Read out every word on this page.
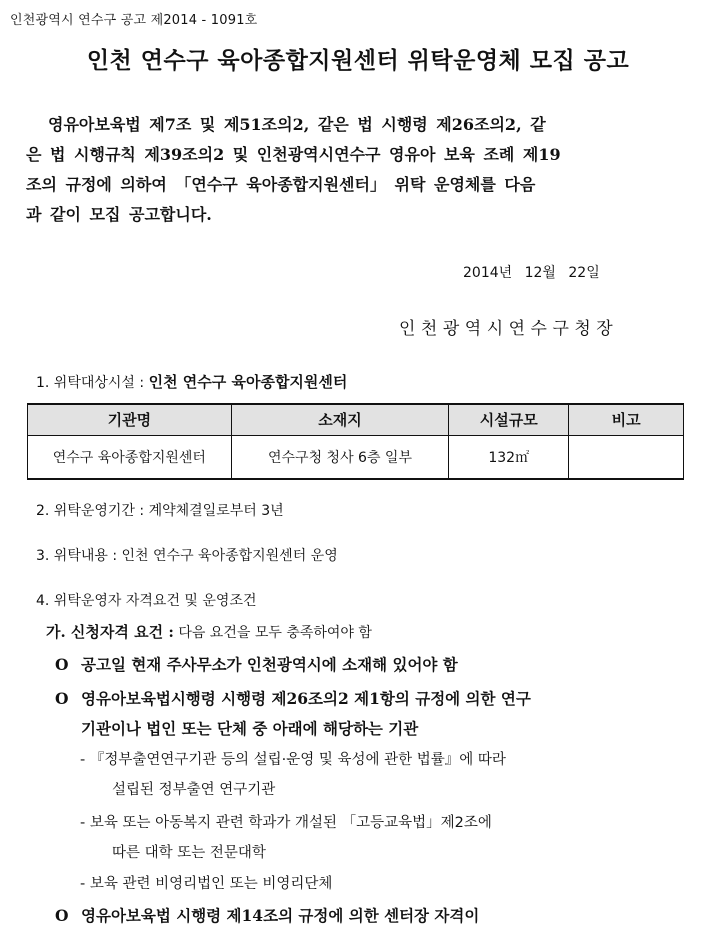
인천광역시 연수구 공고 제2014 - 1091호
인천 연수구 육아종합지원센터 위탁운영체 모집 공고
영유아보육법 제7조 및 제51조의2, 같은 법 시행령 제26조의2, 같
은 법 시행규칙 제39조의2 및 인천광역시연수구 영유아 보육 조례 제19
조의 규정에 의하여 「연수구 육아종합지원센터」 위탁 운영체를 다음
과 같이 모집 공고합니다.
2014년 12월 22일
인천광역시연수구청장
1. 위탁대상시설 : 인천 연수구 육아종합지원센터
기관명	소재지	시설규모	비고
연수구 육아종합지원센터	연수구청 청사 6층 일부	132㎡	
2. 위탁운영기간 : 계약체결일로부터 3년
3. 위탁내용 : 인천 연수구 육아종합지원센터 운영
4. 위탁운영자 자격요건 및 운영조건
가. 신청자격 요건 : 다음 요건을 모두 충족하여야 함
O 공고일 현재 주사무소가 인천광역시에 소재해 있어야 함
O 영유아보육법시행령 시행령 제26조의2 제1항의 규정에 의한 연구
기관이나 법인 또는 단체 중 아래에 해당하는 기관
- 『정부출연연구기관 등의 설립·운영 및 육성에 관한 법률』에 따라
설립된 정부출연 연구기관
- 보육 또는 아동복지 관련 학과가 개설된 「고등교육법」제2조에
따른 대학 또는 전문대학
- 보육 관련 비영리법인 또는 비영리단체
O 영유아보육법 시행령 제14조의 규정에 의한 센터장 자격이
